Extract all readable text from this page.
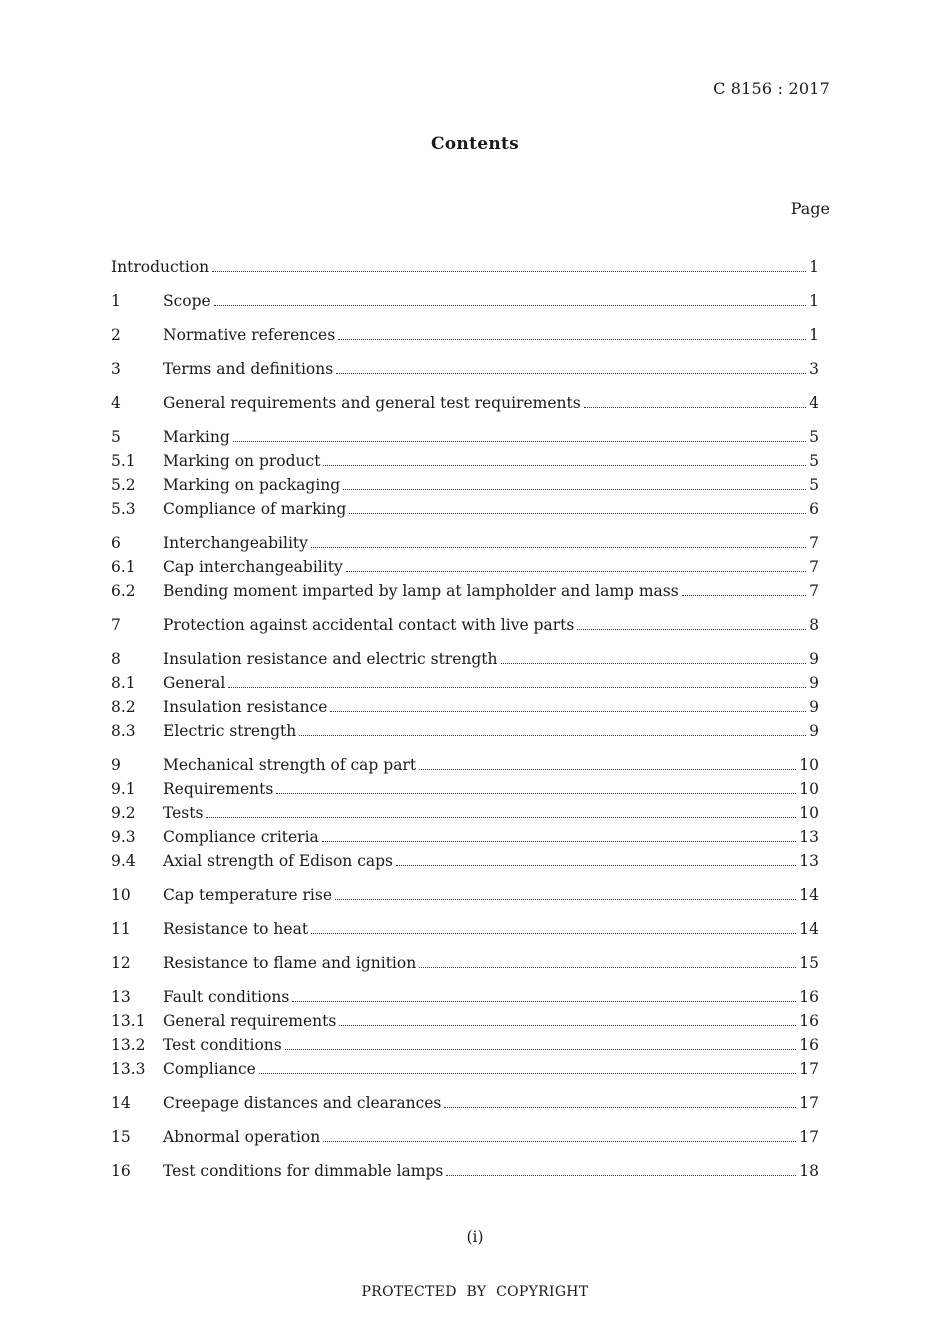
C 8156 : 2017
Contents
Page
Introduction	1
1	Scope	1
2	Normative references	1
3	Terms and definitions	3
4	General requirements and general test requirements	4
5	Marking	5
5.1	Marking on product	5
5.2	Marking on packaging	5
5.3	Compliance of marking	6
6	Interchangeability	7
6.1	Cap interchangeability	7
6.2	Bending moment imparted by lamp at lampholder and lamp mass	7
7	Protection against accidental contact with live parts	8
8	Insulation resistance and electric strength	9
8.1	General	9
8.2	Insulation resistance	9
8.3	Electric strength	9
9	Mechanical strength of cap part	10
9.1	Requirements	10
9.2	Tests	10
9.3	Compliance criteria	13
9.4	Axial strength of Edison caps	13
10	Cap temperature rise	14
11	Resistance to heat	14
12	Resistance to flame and ignition	15
13	Fault conditions	16
13.1	General requirements	16
13.2	Test conditions	16
13.3	Compliance	17
14	Creepage distances and clearances	17
15	Abnormal operation	17
16	Test conditions for dimmable lamps	18
(i)
PROTECTED BY COPYRIGHT
